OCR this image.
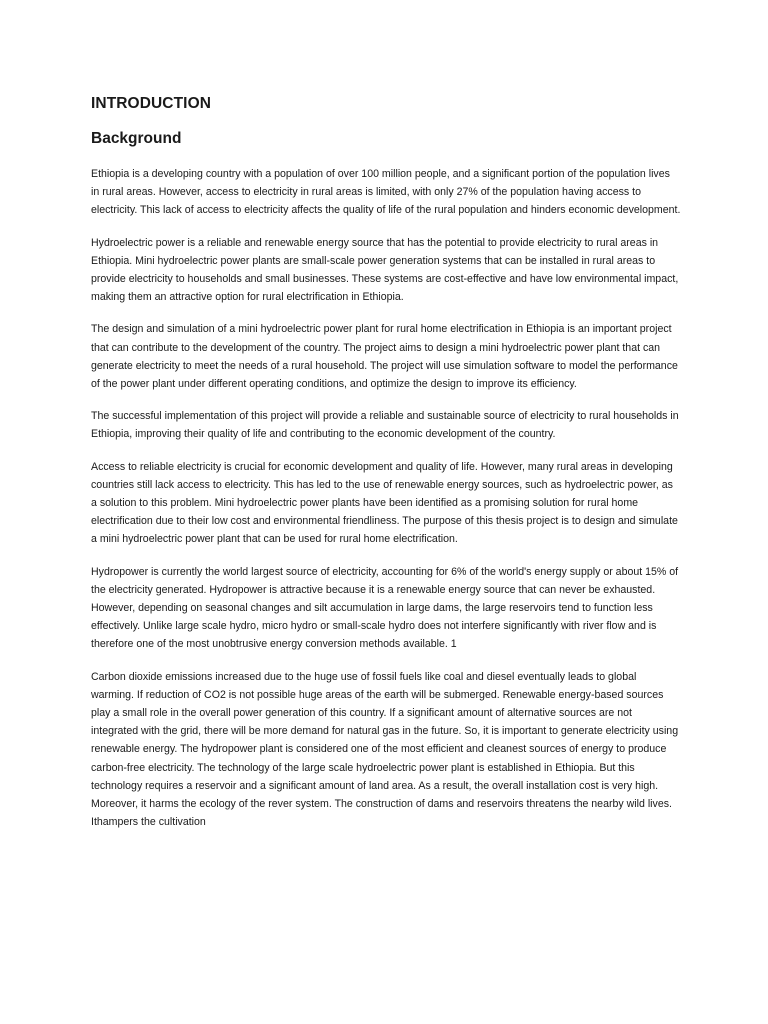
INTRODUCTION
Background

Ethiopia is a developing country with a population of over 100 million people, and a significant portion of the population lives in rural areas. However, access to electricity in rural areas is limited, with only 27% of the population having access to electricity. This lack of access to electricity affects the quality of life of the rural population and hinders economic development.

Hydroelectric power is a reliable and renewable energy source that has the potential to provide electricity to rural areas in Ethiopia. Mini hydroelectric power plants are small-scale power generation systems that can be installed in rural areas to provide electricity to households and small businesses. These systems are cost-effective and have low environmental impact, making them an attractive option for rural electrification in Ethiopia.

The design and simulation of a mini hydroelectric power plant for rural home electrification in Ethiopia is an important project that can contribute to the development of the country. The project aims to design a mini hydroelectric power plant that can generate electricity to meet the needs of a rural household. The project will use simulation software to model the performance of the power plant under different operating conditions, and optimize the design to improve its efficiency.

The successful implementation of this project will provide a reliable and sustainable source of electricity to rural households in Ethiopia, improving their quality of life and contributing to the economic development of the country.

Access to reliable electricity is crucial for economic development and quality of life. However, many rural areas in developing countries still lack access to electricity. This has led to the use of renewable energy sources, such as hydroelectric power, as a solution to this problem. Mini hydroelectric power plants have been identified as a promising solution for rural home electrification due to their low cost and environmental friendliness. The purpose of this thesis project is to design and simulate a mini hydroelectric power plant that can be used for rural home electrification.

Hydropower is currently the world largest source of electricity, accounting for 6% of the world's energy supply or about 15% of the electricity generated. Hydropower is attractive because it is a renewable energy source that can never be exhausted. However, depending on seasonal changes and silt accumulation in large dams, the large reservoirs tend to function less effectively. Unlike large scale hydro, micro hydro or small-scale hydro does not interfere significantly with river flow and is therefore one of the most unobtrusive energy conversion methods available. 1

Carbon dioxide emissions increased due to the huge use of fossil fuels like coal and diesel eventually leads to global warming. If reduction of CO2 is not possible huge areas of the earth will be submerged. Renewable energy-based sources play a small role in the overall power generation of this country. If a significant amount of alternative sources are not integrated with the grid, there will be more demand for natural gas in the future. So, it is important to generate electricity using renewable energy. The hydropower plant is considered one of the most efficient and cleanest sources of energy to produce carbon-free electricity. The technology of the large scale hydroelectric power plant is established in Ethiopia. But this technology requires a reservoir and a significant amount of land area. As a result, the overall installation cost is very high. Moreover, it harms the ecology of the rever system. The construction of dams and reservoirs threatens the nearby wild lives. Ithampers the cultivation
